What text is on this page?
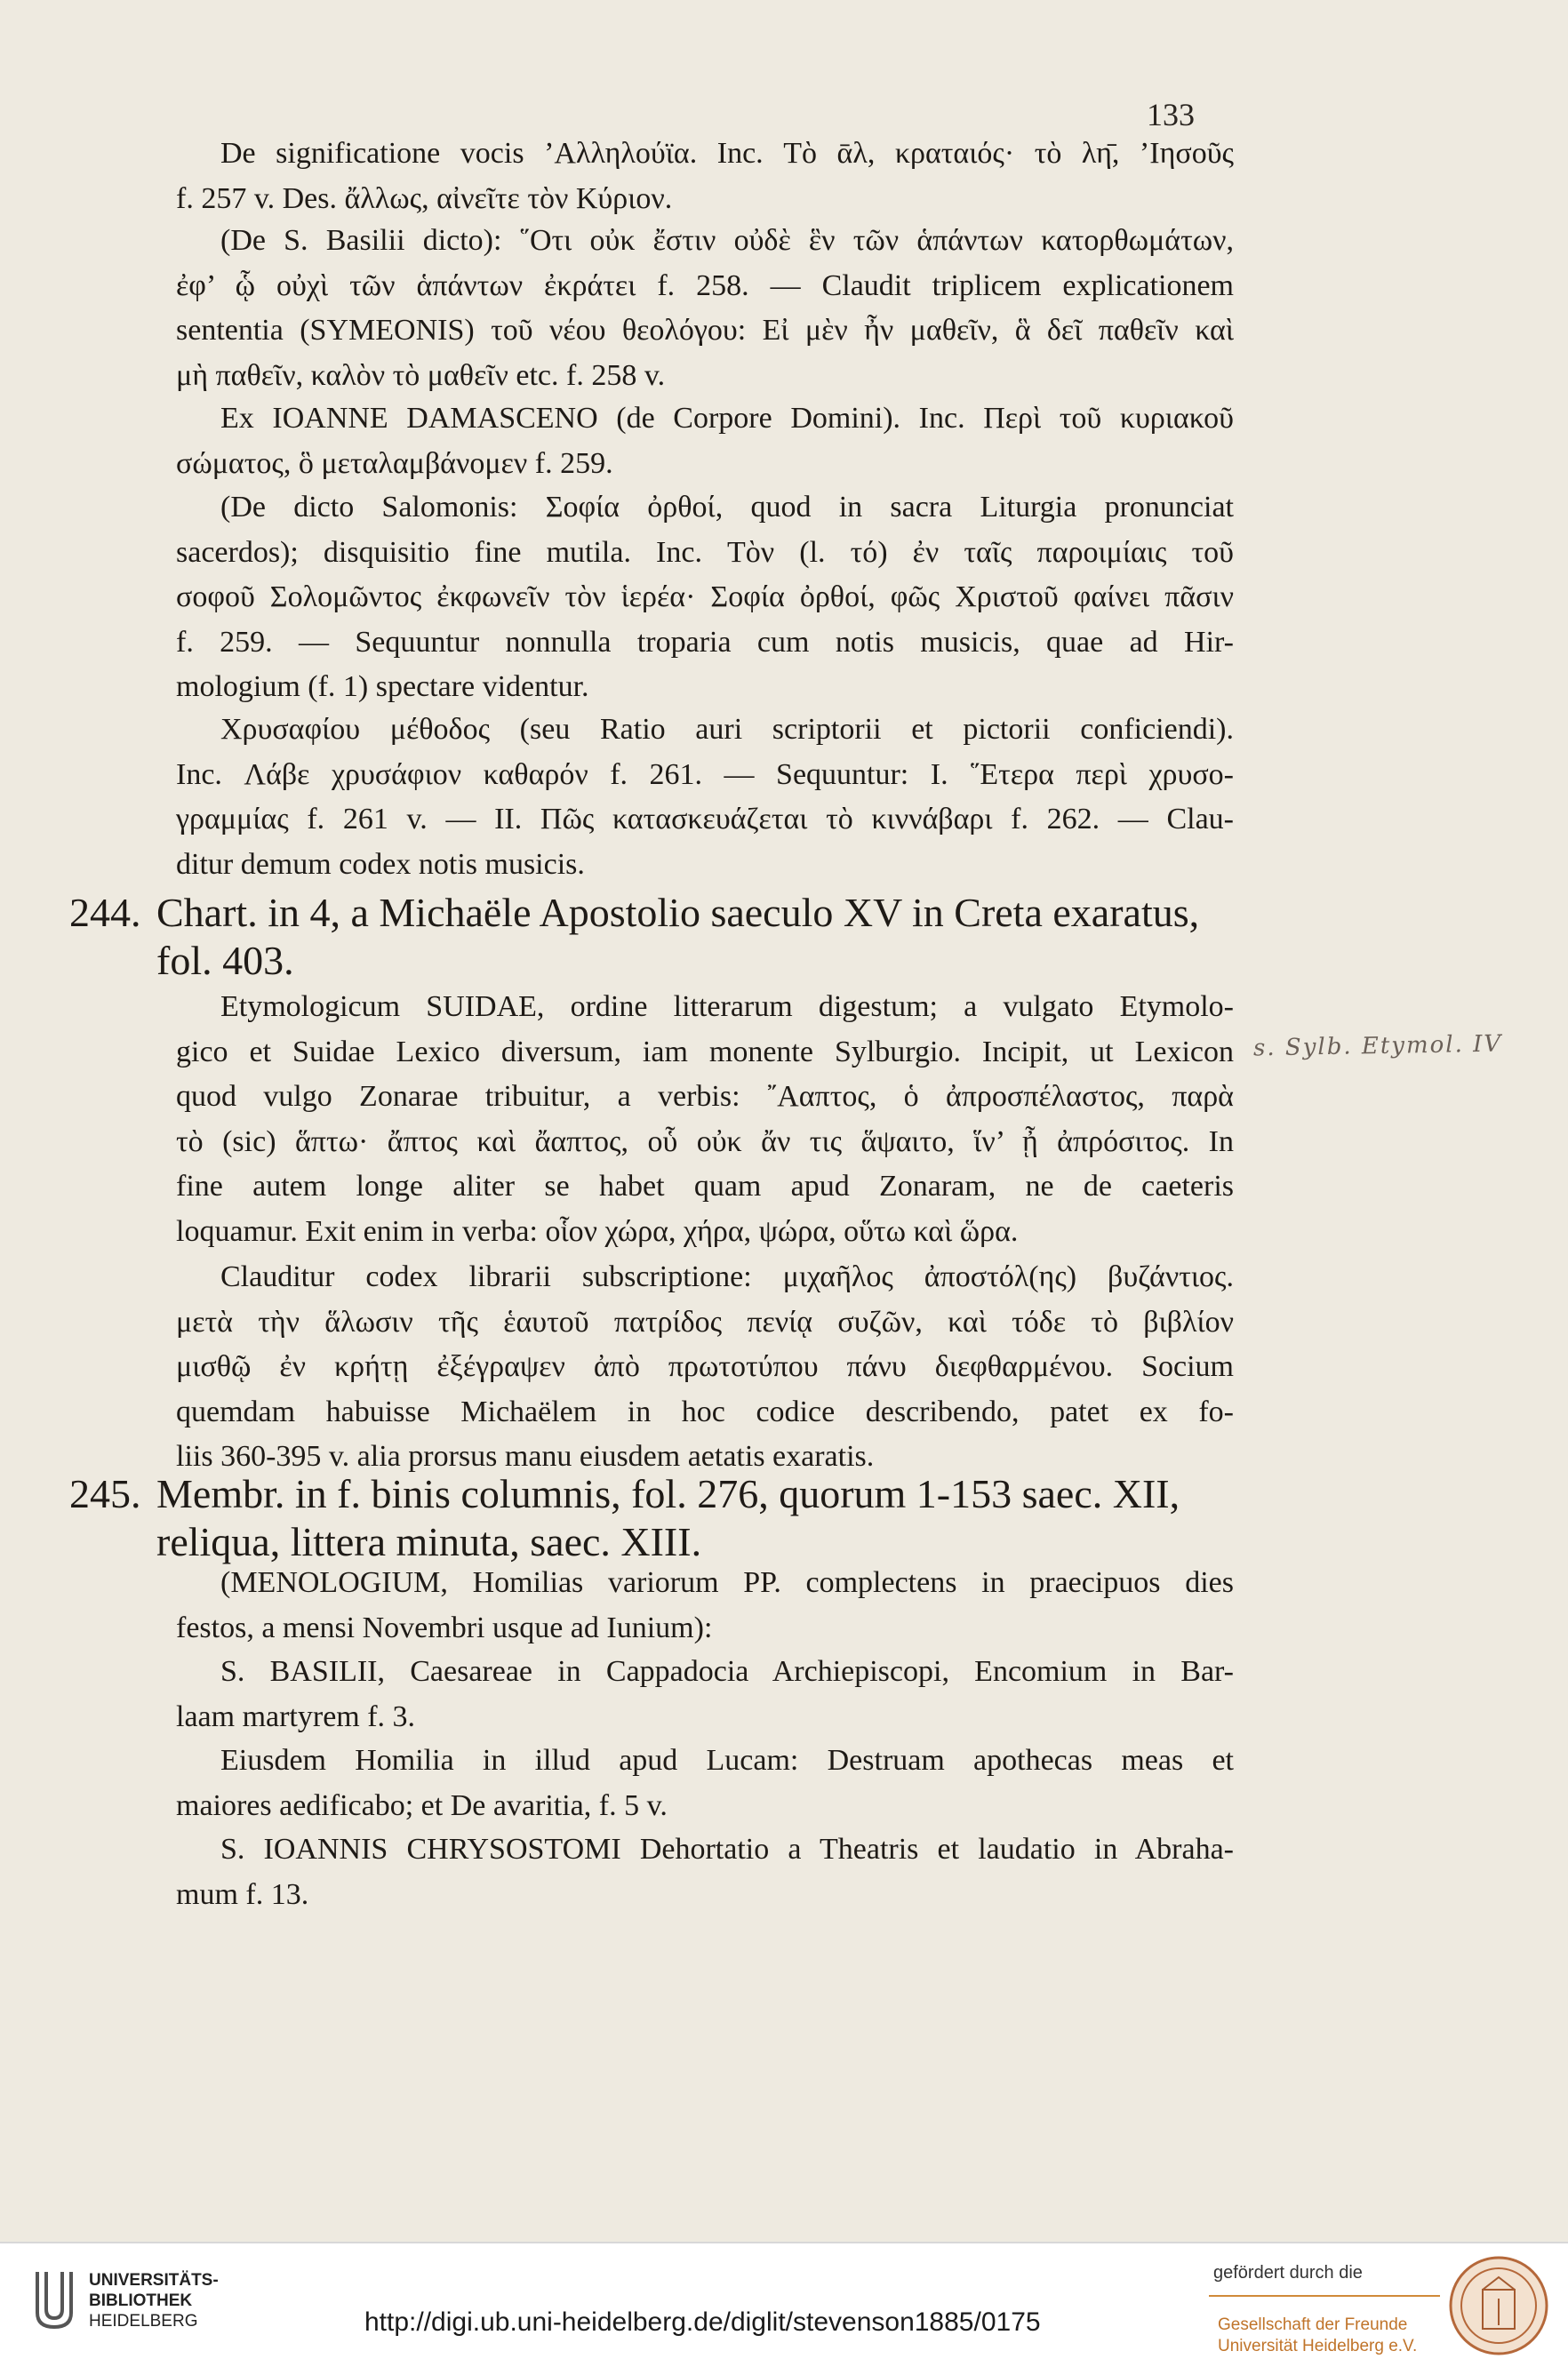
133
De significatione vocis ’Αλληλούϊα. Inc. Τὸ ᾱλ, κραταιός· τὸ λη̄, ’Ιησοῦς
f. 257 v. Des. ἄλλως, αἰνεῖτε τὸν Κύριον.
(De S. Basilii dicto): ῞Οτι οὐκ ἔστιν οὐδὲ ἓν τῶν ἁπάντων κατορθωμάτων,
ἐφ’ ᾧ οὐχὶ τῶν ἁπάντων ἐκράτει f. 258. — Claudit triplicem explicationem
sententia (SYMEONIS) τοῦ νέου θεολόγου: Εἰ μὲν ἦν μαθεῖν, ἃ δεῖ παθεῖν καὶ
μὴ παθεῖν, καλὸν τὸ μαθεῖν etc. f. 258 v.
Ex IOANNE DAMASCENO (de Corpore Domini). Inc. Περὶ τοῦ κυριακοῦ
σώματος, ὃ μεταλαμβάνομεν f. 259.
(De dicto Salomonis: Σοφία ὀρθοί, quod in sacra Liturgia pronunciat
sacerdos); disquisitio fine mutila. Inc. Τὸν (l. τό) ἐν ταῖς παροιμίαις τοῦ
σοφοῦ Σολομῶντος ἐκφωνεῖν τὸν ἱερέα· Σοφία ὀρθοί, φῶς Χριστοῦ φαίνει πᾶσιν
f. 259. — Sequuntur nonnulla troparia cum notis musicis, quae ad Hir-
mologium (f. 1) spectare videntur.
Χρυσαφίου μέθοδος (seu Ratio auri scriptorii et pictorii conficiendi).
Inc. Λάβε χρυσάφιον καθαρόν f. 261. — Sequuntur: I. ῞Ετερα περὶ χρυσο-
γραμμίας f. 261 v. — II. Πῶς κατασκευάζεται τὸ κιννάβαρι f. 262. — Clau-
ditur demum codex notis musicis.
244. Chart. in 4, a Michaële Apostolio saeculo XV in Creta exaratus,
fol. 403.
Etymologicum SUIDAE, ordine litterarum digestum; a vulgato Etymolo-
gico et Suidae Lexico diversum, iam monente Sylburgio. Incipit, ut Lexicon
quod vulgo Zonarae tribuitur, a verbis: ῎Ααπτος, ὁ ἀπροσπέλαστος, παρὰ
τὸ (sic) ἅπτω· ἄπτος καὶ ἄαπτος, οὗ οὐκ ἄν τις ἅψαιτο, ἵν’ ᾖ ἀπρόσιτος. In
fine autem longe aliter se habet quam apud Zonaram, ne de caeteris
loquamur. Exit enim in verba: οἷον χώρα, χήρα, ψώρα, οὕτω καὶ ὥρα.
Clauditur codex librarii subscriptione: μιχαῆλος ἀποστόλ(ης) βυζάντιος.
μετὰ τὴν ἅλωσιν τῆς ἑαυτοῦ πατρίδος πενίᾳ συζῶν, καὶ τόδε τὸ βιβλίον
μισθῷ ἐν κρήτῃ ἐξέγραψεν ἀπὸ πρωτοτύπου πάνυ διεφθαρμένου. Socium
quemdam habuisse Michaëlem in hoc codice describendo, patet ex fo-
liis 360-395 v. alia prorsus manu eiusdem aetatis exaratis.
245. Membr. in f. binis columnis, fol. 276, quorum 1-153 saec. XII,
reliqua, littera minuta, saec. XIII.
(MENOLOGIUM, Homilias variorum PP. complectens in praecipuos dies
festos, a mensi Novembri usque ad Iunium):
S. BASILII, Caesareae in Cappadocia Archiepiscopi, Encomium in Bar-
laam martyrem f. 3.
Eiusdem Homilia in illud apud Lucam: Destruam apothecas meas et
maiores aedificabo; et De avaritia, f. 5 v.
S. IOANNIS CHRYSOSTOMI Dehortatio a Theatris et laudatio in Abraha-
mum f. 13.
s. Sylb. Etymol. IV
UNIVERSITÄTS-
BIBLIOTHEK
HEIDELBERG	http://digi.ub.uni-heidelberg.de/diglit/stevenson1885/0175
gefördert durch die
Gesellschaft der Freunde
Universität Heidelberg e.V.
